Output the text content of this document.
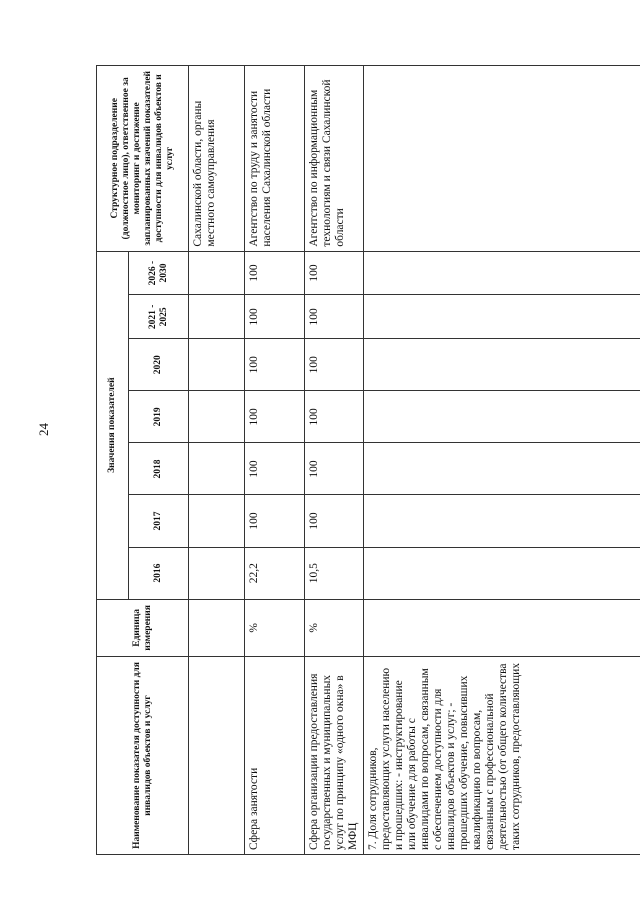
24
Наименование показателя доступности для инвалидов объектов и услуг	Единица измерения	Значения показателей							Структурное подразделение (должностное лицо), ответственное за мониторинг и достижение запланированных значений показателей доступности для инвалидов объектов и услуг
		2016	2017	2018	2019	2020	2021 - 2025	2026 - 2030	
									Сахалинской области, органы местного самоуправления
Сфера занятости	%	22,2	100	100	100	100	100	100	Агентство по труду и занятости населения Сахалинской области
Сфера организации предоставления государственных и муниципальных услуг по принципу «одного окна» в МФЦ	%	10,5	100	100	100	100	100	100	Агентство по информационным технологиям и связи Сахалинской области
7. Доля сотрудников, предоставляющих услуги населению и прошедших: - инструктирование или обучение для работы с инвалидами по вопросам, связанным с обеспечением доступности для инвалидов объектов и услуг; - прошедших обучение, повысивших квалификацию по вопросам, связанным с профессиональной деятельностью (от общего количества таких сотрудников, предоставляющих									
